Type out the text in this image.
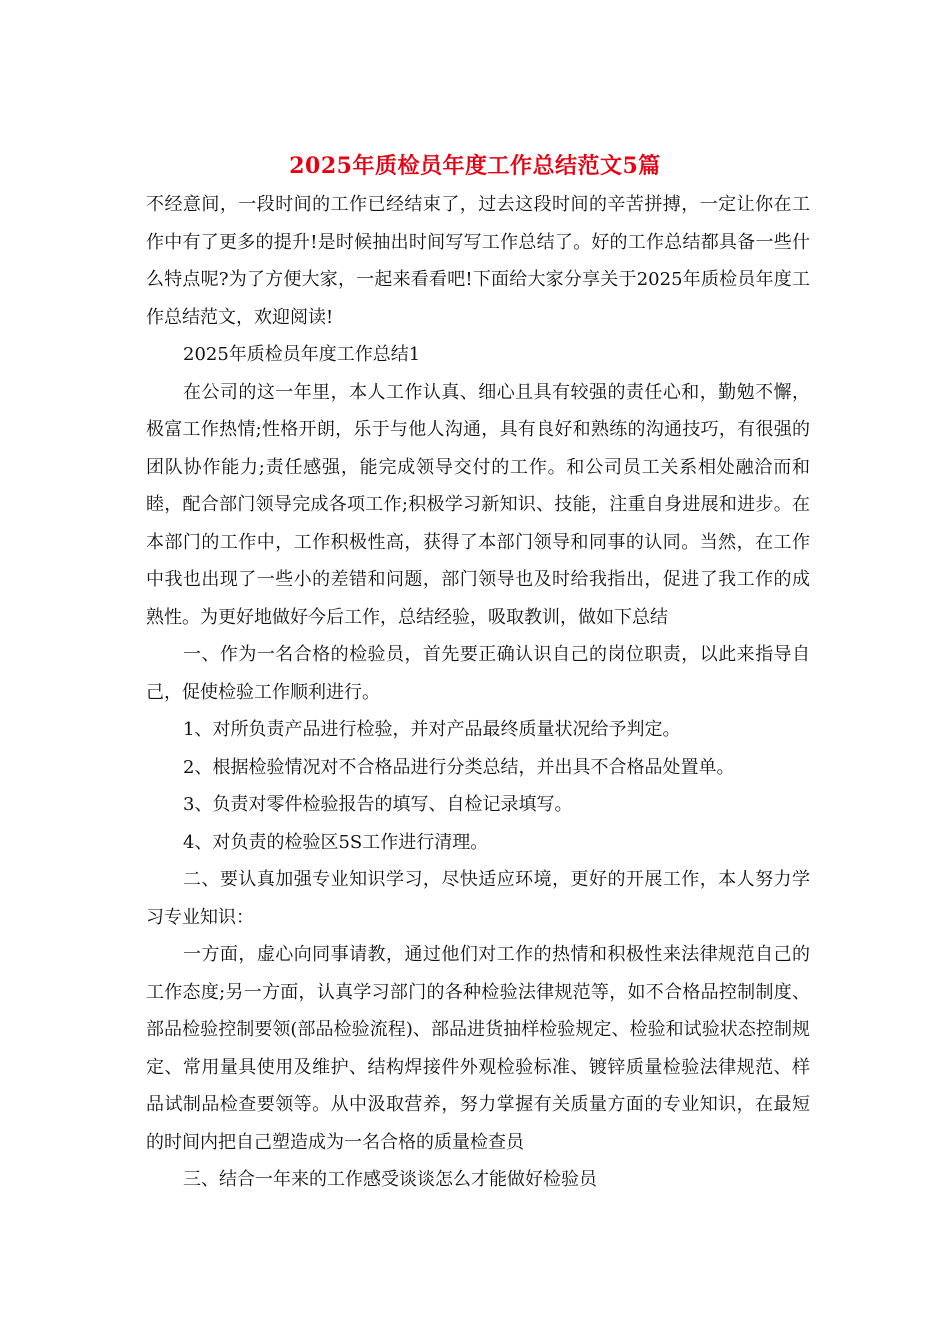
2025年质检员年度工作总结范文5篇

不经意间，一段时间的工作已经结束了，过去这段时间的辛苦拼搏，一定让你在工作中有了更多的提升!是时候抽出时间写写工作总结了。好的工作总结都具备一些什么特点呢?为了方便大家，一起来看看吧!下面给大家分享关于2025年质检员年度工作总结范文，欢迎阅读!

2025年质检员年度工作总结1

在公司的这一年里，本人工作认真、细心且具有较强的责任心和，勤勉不懈，极富工作热情;性格开朗，乐于与他人沟通，具有良好和熟练的沟通技巧，有很强的团队协作能力;责任感强，能完成领导交付的工作。和公司员工关系相处融洽而和睦，配合部门领导完成各项工作;积极学习新知识、技能，注重自身进展和进步。在本部门的工作中，工作积极性高，获得了本部门领导和同事的认同。当然，在工作中我也出现了一些小的差错和问题，部门领导也及时给我指出，促进了我工作的成熟性。为更好地做好今后工作，总结经验，吸取教训，做如下总结

一、作为一名合格的检验员，首先要正确认识自己的岗位职责，以此来指导自己，促使检验工作顺利进行。

1、对所负责产品进行检验，并对产品最终质量状况给予判定。

2、根据检验情况对不合格品进行分类总结，并出具不合格品处置单。

3、负责对零件检验报告的填写、自检记录填写。

4、对负责的检验区5S工作进行清理。

二、要认真加强专业知识学习，尽快适应环境，更好的开展工作，本人努力学习专业知识：

一方面，虚心向同事请教，通过他们对工作的热情和积极性来法律规范自己的工作态度;另一方面，认真学习部门的各种检验法律规范等，如不合格品控制制度、部品检验控制要领(部品检验流程)、部品进货抽样检验规定、检验和试验状态控制规定、常用量具使用及维护、结构焊接件外观检验标准、镀锌质量检验法律规范、样品试制品检查要领等。从中汲取营养，努力掌握有关质量方面的专业知识，在最短的时间内把自己塑造成为一名合格的质量检查员

三、结合一年来的工作感受谈谈怎么才能做好检验员
